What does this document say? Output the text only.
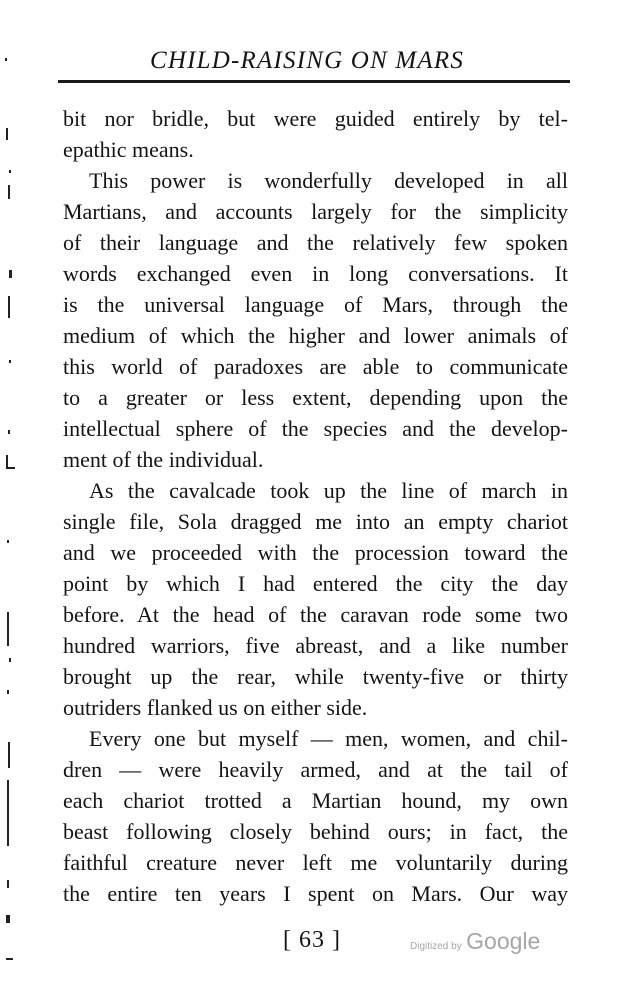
CHILD-RAISING ON MARS
bit nor bridle, but were guided entirely by tel-
epathic means.
This power is wonderfully developed in all
Martians, and accounts largely for the simplicity
of their language and the relatively few spoken
words exchanged even in long conversations. It
is the universal language of Mars, through the
medium of which the higher and lower animals of
this world of paradoxes are able to communicate
to a greater or less extent, depending upon the
intellectual sphere of the species and the develop-
ment of the individual.
As the cavalcade took up the line of march in
single file, Sola dragged me into an empty chariot
and we proceeded with the procession toward the
point by which I had entered the city the day
before. At the head of the caravan rode some two
hundred warriors, five abreast, and a like number
brought up the rear, while twenty-five or thirty
outriders flanked us on either side.
Every one but myself — men, women, and chil-
dren — were heavily armed, and at the tail of
each chariot trotted a Martian hound, my own
beast following closely behind ours; in fact, the
faithful creature never left me voluntarily during
the entire ten years I spent on Mars. Our way
[ 63 ]	Digitized by Google
